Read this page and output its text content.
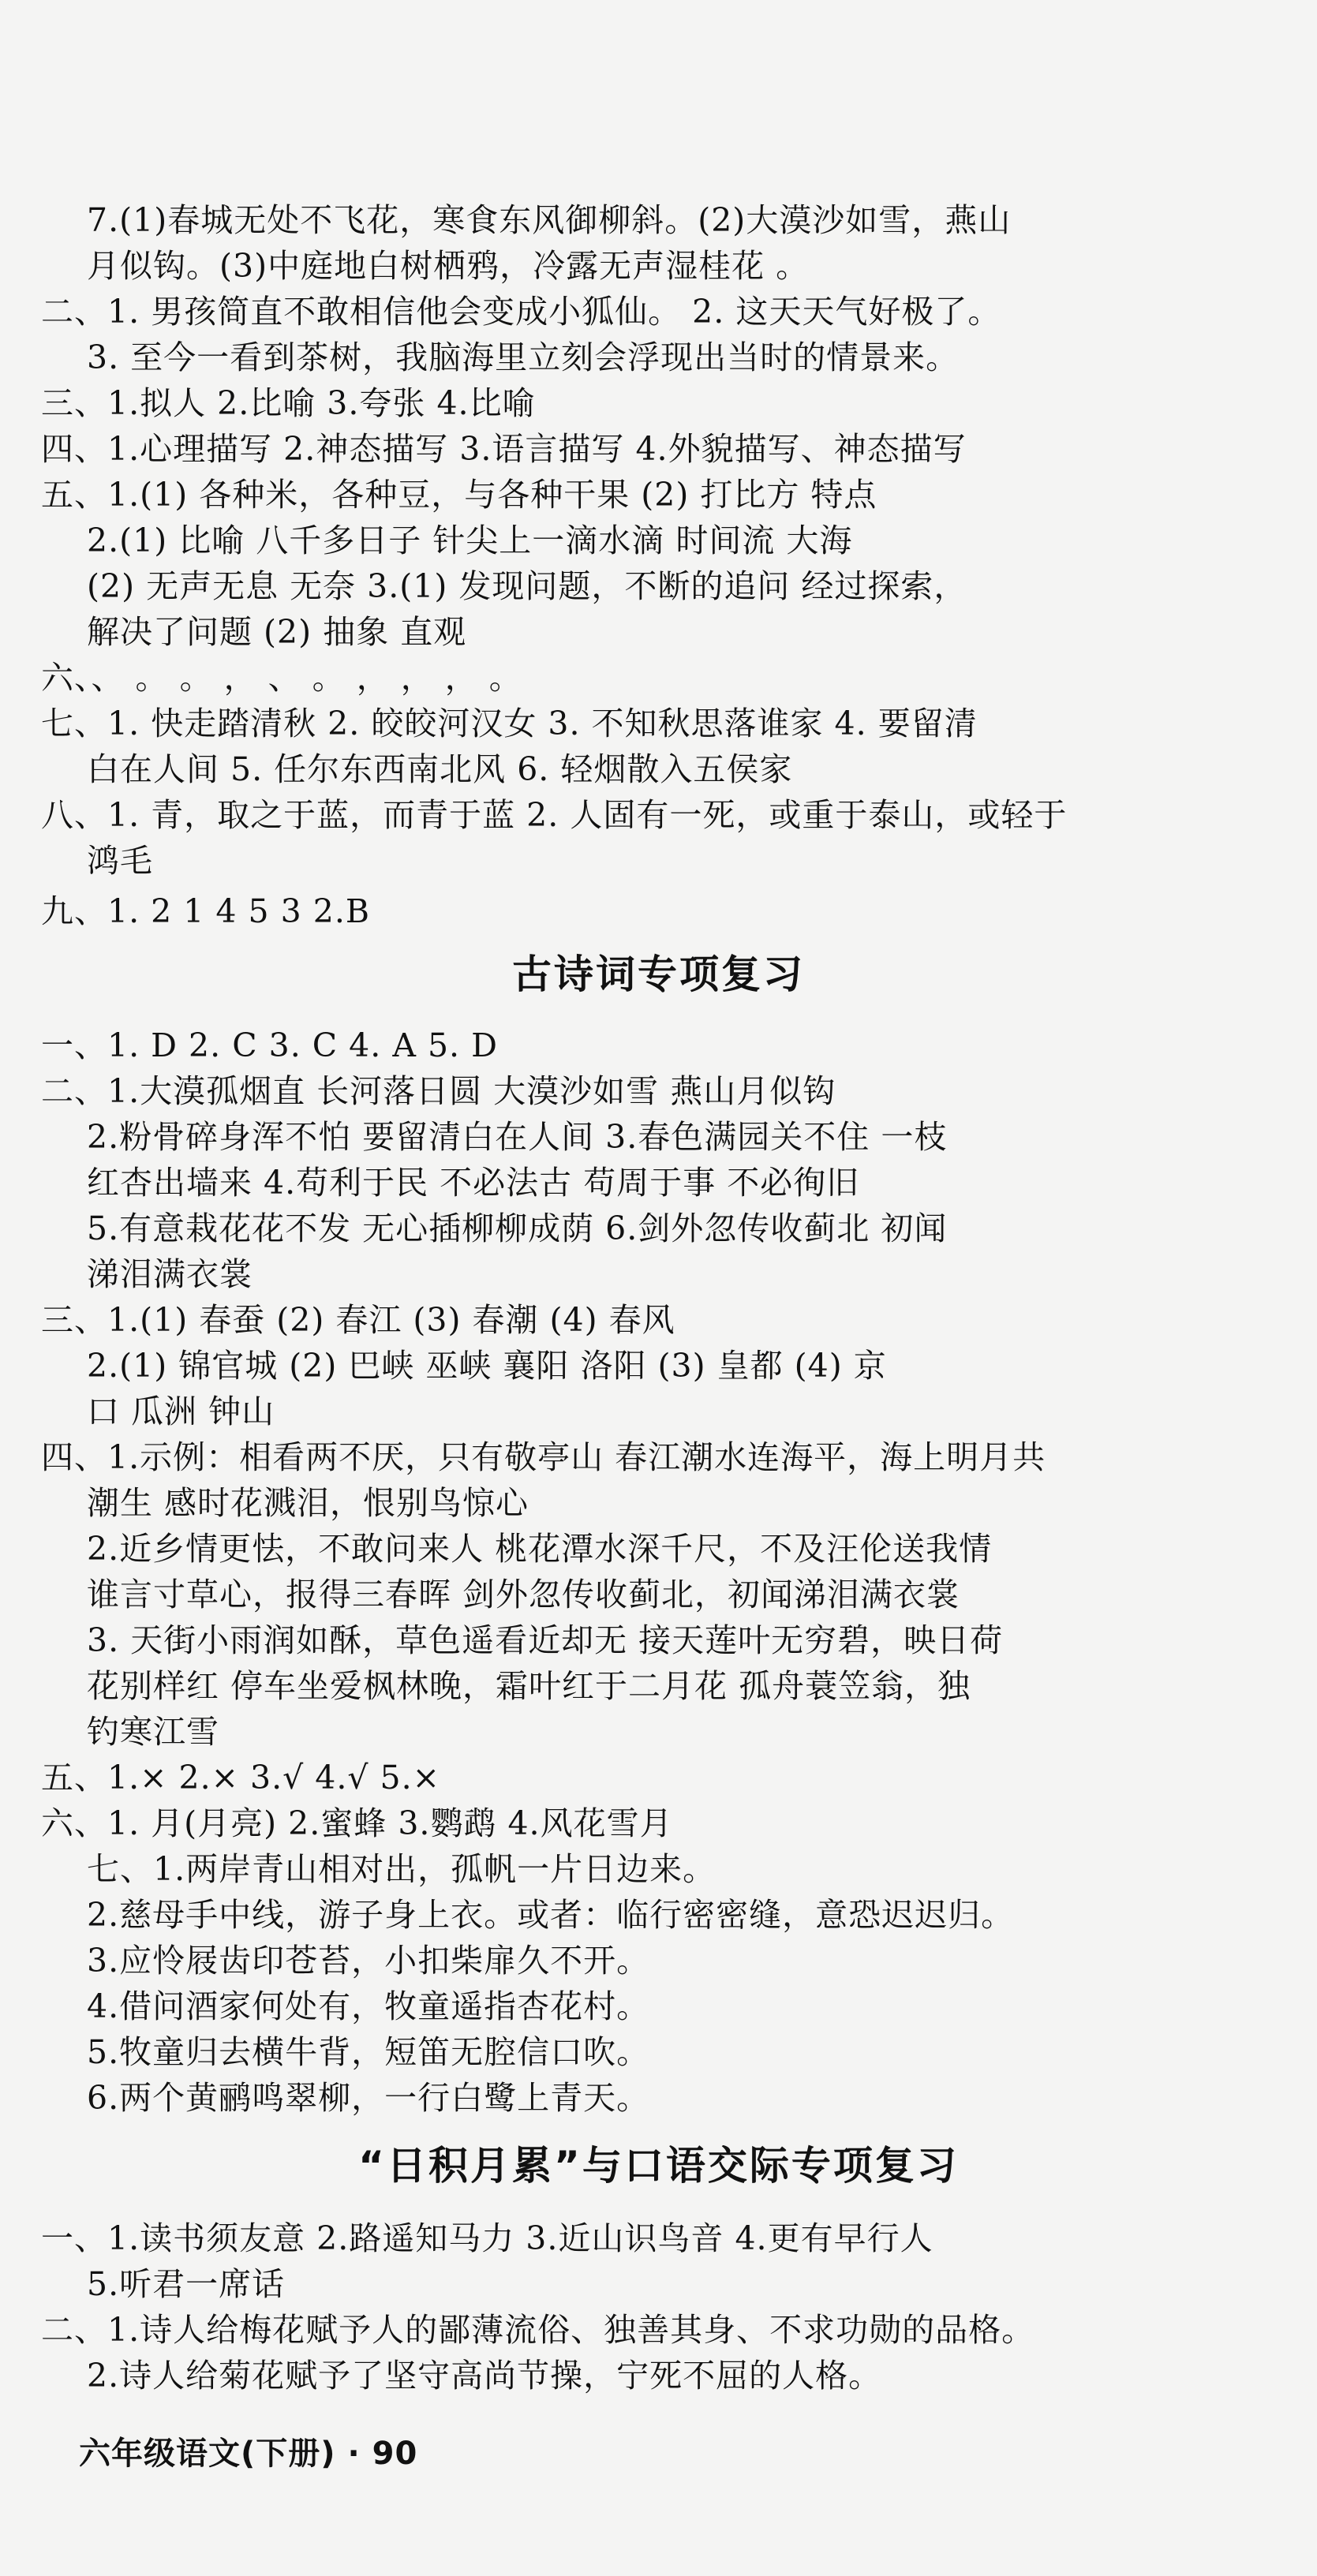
7.(1)春城无处不飞花，寒食东风御柳斜。(2)大漠沙如雪，燕山
月似钩。(3)中庭地白树栖鸦，冷露无声湿桂花 。
二、1. 男孩简直不敢相信他会变成小狐仙。 2. 这天天气好极了。
3. 至今一看到茶树，我脑海里立刻会浮现出当时的情景来。
三、1.拟人 2.比喻 3.夸张 4.比喻
四、1.心理描写 2.神态描写 3.语言描写 4.外貌描写、神态描写
五、1.(1) 各种米，各种豆，与各种干果 (2) 打比方 特点
2.(1) 比喻 八千多日子 针尖上一滴水滴 时间流 大海
(2) 无声无息 无奈 3.(1) 发现问题，不断的追问 经过探索，
解决了问题 (2) 抽象 直观
六、、 。 。 ， 、 。 ， ， ， 。
七、1. 快走踏清秋 2. 皎皎河汉女 3. 不知秋思落谁家 4. 要留清
白在人间 5. 任尔东西南北风 6. 轻烟散入五侯家
八、1. 青，取之于蓝，而青于蓝 2. 人固有一死，或重于泰山，或轻于
鸿毛
九、1. 2 1 4 5 3 2.B
古诗词专项复习
一、1. D 2. C 3. C 4. A 5. D
二、1.大漠孤烟直 长河落日圆 大漠沙如雪 燕山月似钩
2.粉骨碎身浑不怕 要留清白在人间 3.春色满园关不住 一枝
红杏出墙来 4.苟利于民 不必法古 苟周于事 不必徇旧
5.有意栽花花不发 无心插柳柳成荫 6.剑外忽传收蓟北 初闻
涕泪满衣裳
三、1.(1) 春蚕 (2) 春江 (3) 春潮 (4) 春风
2.(1) 锦官城 (2) 巴峡 巫峡 襄阳 洛阳 (3) 皇都 (4) 京
口 瓜洲 钟山
四、1.示例：相看两不厌，只有敬亭山 春江潮水连海平，海上明月共
潮生 感时花溅泪，恨别鸟惊心
2.近乡情更怯，不敢问来人 桃花潭水深千尺，不及汪伦送我情
谁言寸草心，报得三春晖 剑外忽传收蓟北，初闻涕泪满衣裳
3. 天街小雨润如酥，草色遥看近却无 接天莲叶无穷碧，映日荷
花别样红 停车坐爱枫林晚，霜叶红于二月花 孤舟蓑笠翁，独
钓寒江雪
五、1.× 2.× 3.√ 4.√ 5.×
六、1. 月(月亮) 2.蜜蜂 3.鹦鹉 4.风花雪月
七、1.两岸青山相对出，孤帆一片日边来。
2.慈母手中线，游子身上衣。或者：临行密密缝，意恐迟迟归。
3.应怜屐齿印苍苔，小扣柴扉久不开。
4.借问酒家何处有，牧童遥指杏花村。
5.牧童归去横牛背，短笛无腔信口吹。
6.两个黄鹂鸣翠柳，一行白鹭上青天。
“日积月累”与口语交际专项复习
一、1.读书须友意 2.路遥知马力 3.近山识鸟音 4.更有早行人
5.听君一席话
二、1.诗人给梅花赋予人的鄙薄流俗、独善其身、不求功勋的品格。
2.诗人给菊花赋予了坚守高尚节操，宁死不屈的人格。
六年级语文(下册) · 90
